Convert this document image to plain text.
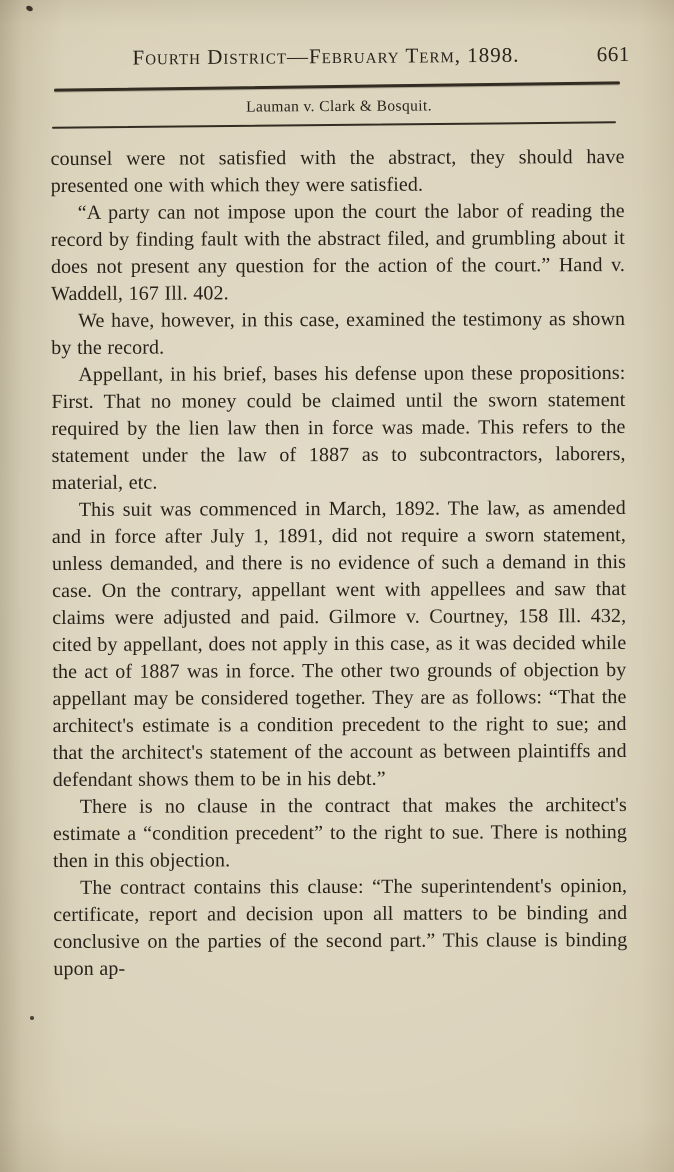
Fourth District—February Term, 1898.	661
Lauman v. Clark & Bosquit.

counsel were not satisfied with the abstract, they should have presented one with which they were satisfied.

“A party can not impose upon the court the labor of reading the record by finding fault with the abstract filed, and grumbling about it does not present any question for the action of the court.” Hand v. Waddell, 167 Ill. 402.

We have, however, in this case, examined the testimony as shown by the record.

Appellant, in his brief, bases his defense upon these propositions: First. That no money could be claimed until the sworn statement required by the lien law then in force was made. This refers to the statement under the law of 1887 as to subcontractors, laborers, material, etc.

This suit was commenced in March, 1892. The law, as amended and in force after July 1, 1891, did not require a sworn statement, unless demanded, and there is no evidence of such a demand in this case. On the contrary, appellant went with appellees and saw that claims were adjusted and paid. Gilmore v. Courtney, 158 Ill. 432, cited by appellant, does not apply in this case, as it was decided while the act of 1887 was in force. The other two grounds of objection by appellant may be considered together. They are as follows: “That the architect's estimate is a condition precedent to the right to sue; and that the architect's statement of the account as between plaintiffs and defendant shows them to be in his debt.”

There is no clause in the contract that makes the architect's estimate a “condition precedent” to the right to sue. There is nothing then in this objection.

The contract contains this clause: “The superintendent's opinion, certificate, report and decision upon all matters to be binding and conclusive on the parties of the second part.” This clause is binding upon ap-
